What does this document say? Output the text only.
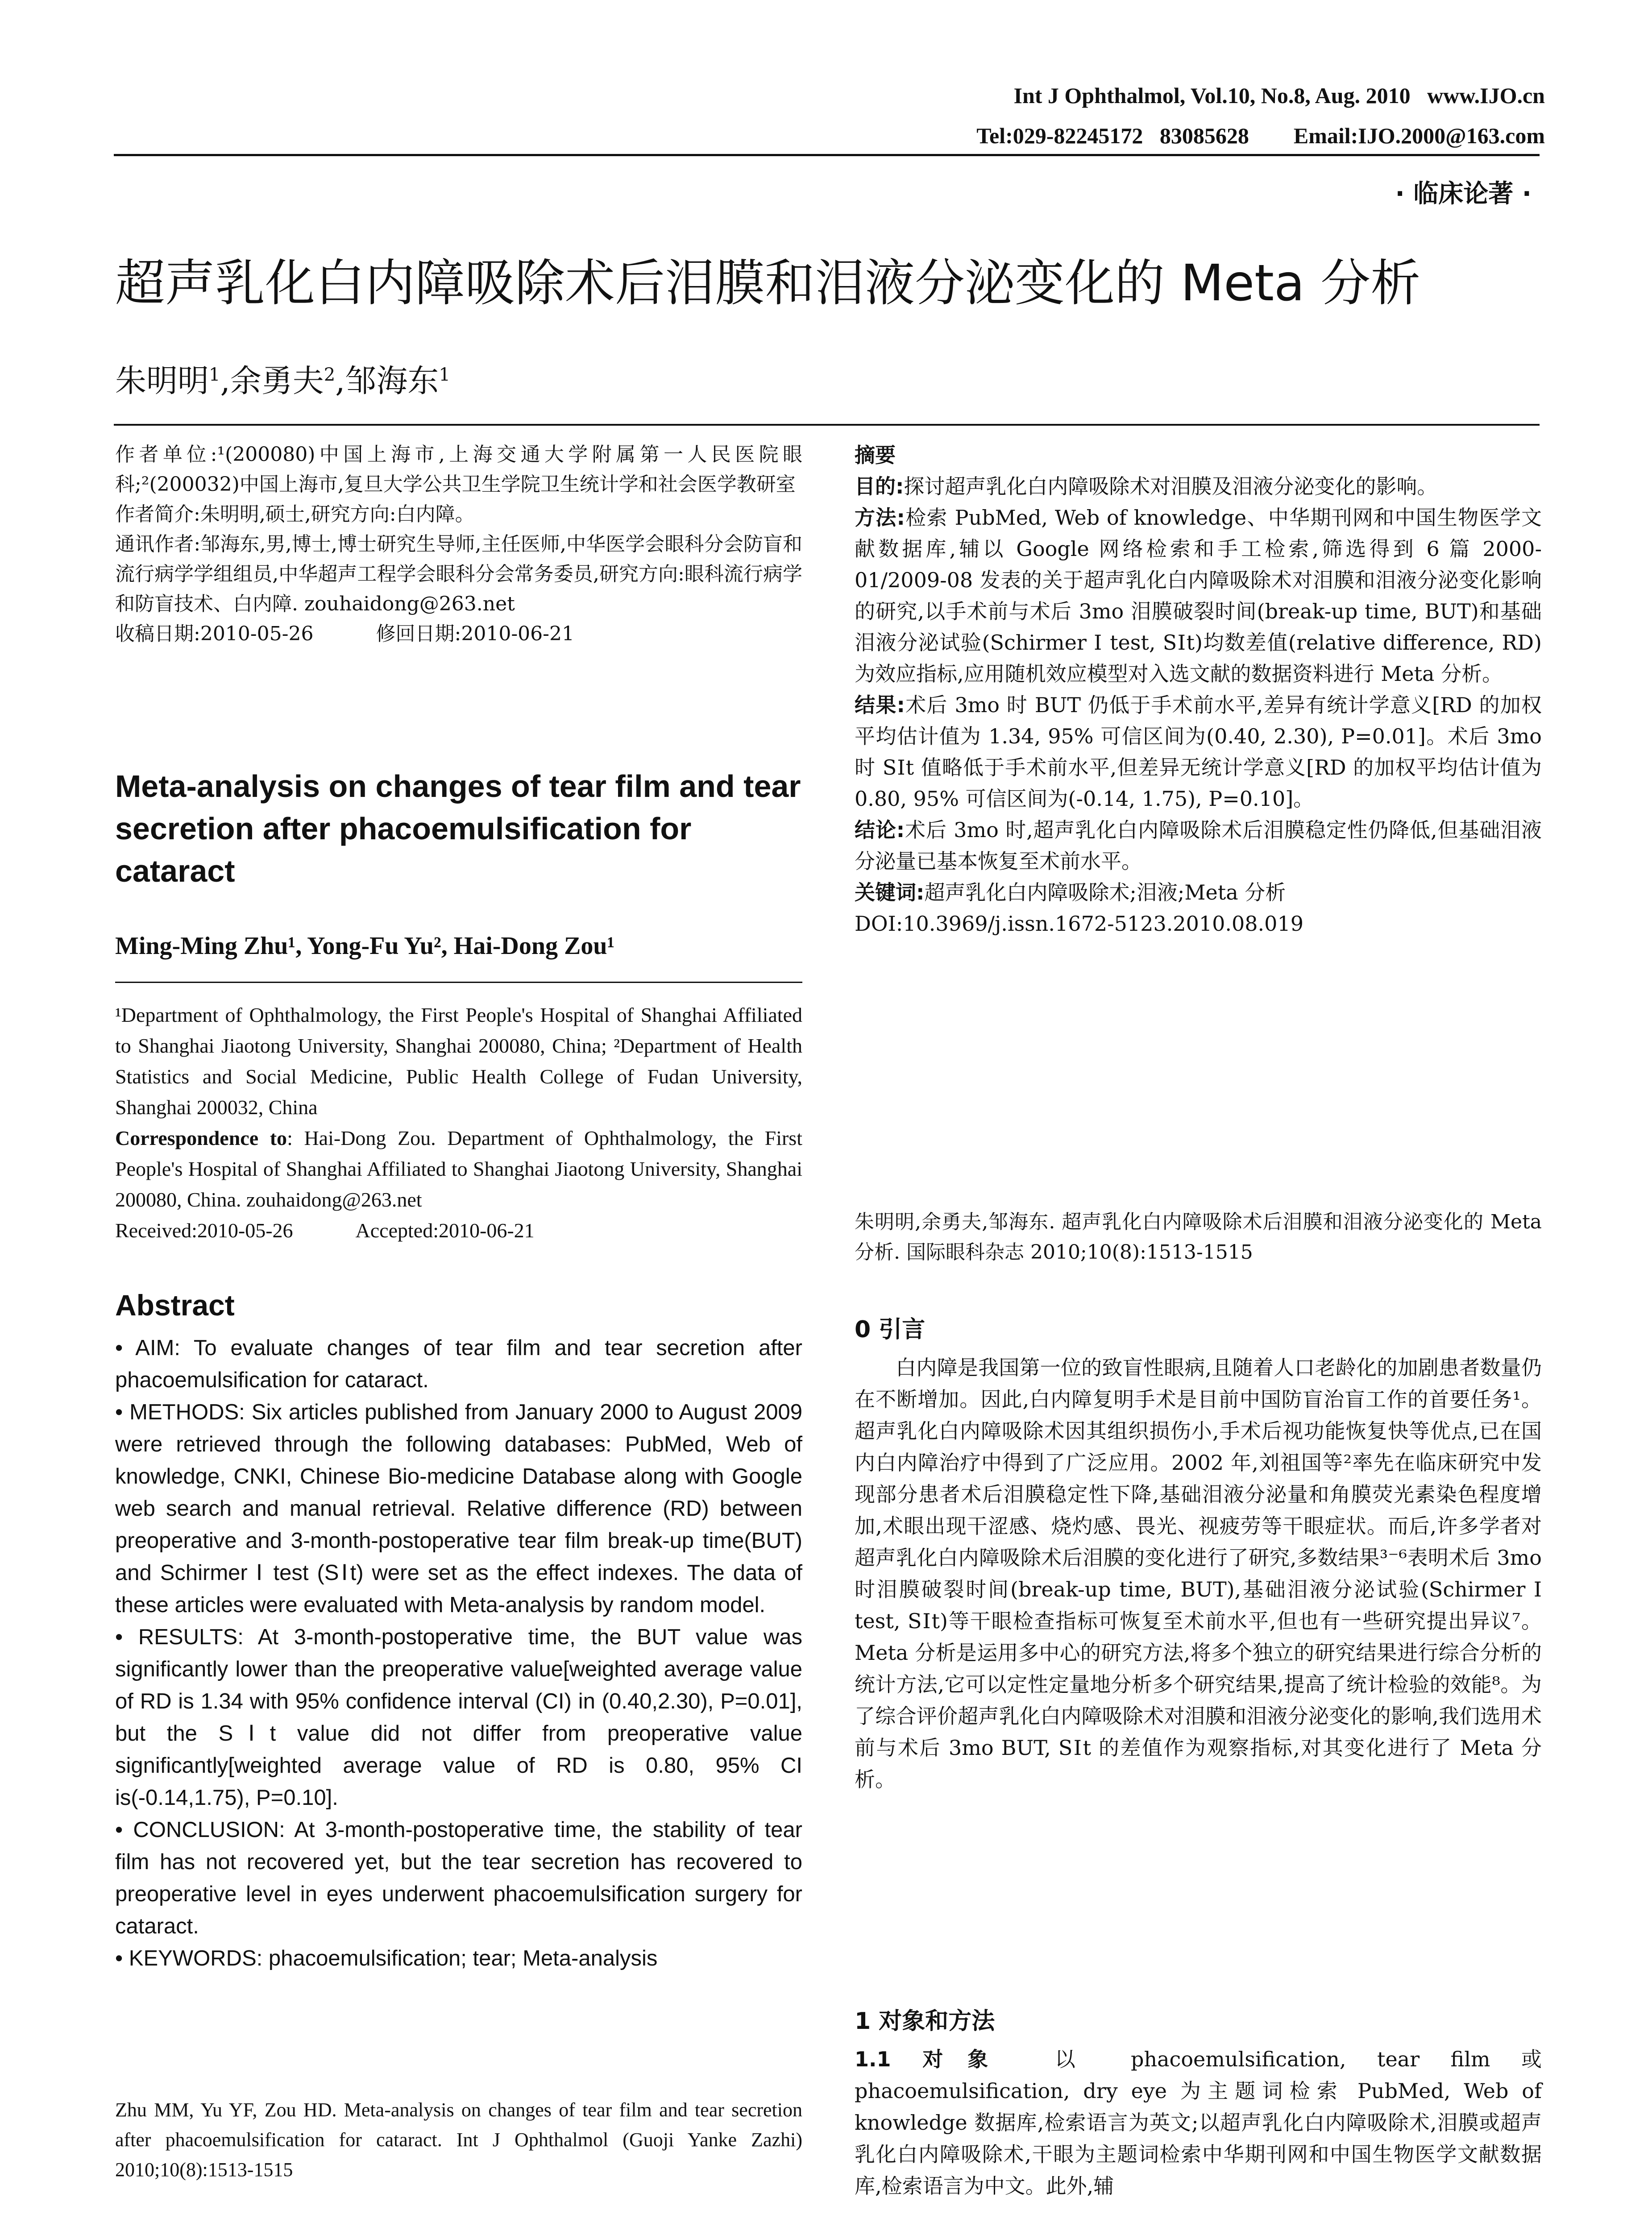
Int J Ophthalmol, Vol.10, No.8, Aug. 2010   www.IJO.cn
Tel:029-82245172   83085628        Email:IJO.2000@163.com
· 临床论著 ·
超声乳化白内障吸除术后泪膜和泪液分泌变化的 Meta 分析
朱明明$^1$,余勇夫$^2$,邹海东$^1$

作者单位:¹(200080)中国上海市,上海交通大学附属第一人民医院眼科;²(200032)中国上海市,复旦大学公共卫生学院卫生统计学和社会医学教研室

作者简介:朱明明,硕士,研究方向:白内障。

通讯作者:邹海东,男,博士,博士研究生导师,主任医师,中华医学会眼科分会防盲和流行病学学组组员,中华超声工程学会眼科分会常务委员,研究方向:眼科流行病学和防盲技术、白内障. zouhaidong@263.net

收稿日期:2010-05-26	修回日期:2010-06-21

Meta-analysis on changes of tear film and tear secretion after phacoemulsification for cataract
Ming-Ming Zhu¹, Yong-Fu Yu², Hai-Dong Zou¹

¹Department of Ophthalmology, the First People's Hospital of Shanghai Affiliated to Shanghai Jiaotong University, Shanghai 200080, China; ²Department of Health Statistics and Social Medicine, Public Health College of Fudan University, Shanghai 200032, China

Correspondence to: Hai-Dong Zou. Department of Ophthalmology, the First People's Hospital of Shanghai Affiliated to Shanghai Jiaotong University, Shanghai 200080, China. zouhaidong@263.net

Received:2010-05-26	Accepted:2010-06-21

Abstract

• AIM: To evaluate changes of tear film and tear secretion after phacoemulsification for cataract.

• METHODS: Six articles published from January 2000 to August 2009 were retrieved through the following databases: PubMed, Web of knowledge, CNKI, Chinese Bio-medicine Database along with Google web search and manual retrieval. Relative difference (RD) between preoperative and 3-month-postoperative tear film break-up time(BUT) and Schirmer Ⅰ test (SⅠt) were set as the effect indexes. The data of these articles were evaluated with Meta-analysis by random model.

• RESULTS: At 3-month-postoperative time, the BUT value was significantly lower than the preoperative value[weighted average value of RD is 1.34 with 95% confidence interval (CI) in (0.40,2.30), P=0.01], but the SⅠt value did not differ from preoperative value significantly[weighted average value of RD is 0.80, 95% CI is(-0.14,1.75), P=0.10].

• CONCLUSION: At 3-month-postoperative time, the stability of tear film has not recovered yet, but the tear secretion has recovered to preoperative level in eyes underwent phacoemulsification surgery for cataract.

• KEYWORDS: phacoemulsification; tear; Meta-analysis

Zhu MM, Yu YF, Zou HD. Meta-analysis on changes of tear film and tear secretion after phacoemulsification for cataract. Int J Ophthalmol (Guoji Yanke Zazhi) 2010;10(8):1513-1515

摘要

目的:探讨超声乳化白内障吸除术对泪膜及泪液分泌变化的影响。

方法:检索 PubMed, Web of knowledge、中华期刊网和中国生物医学文献数据库,辅以 Google 网络检索和手工检索,筛选得到 6 篇 2000-01/2009-08 发表的关于超声乳化白内障吸除术对泪膜和泪液分泌变化影响的研究,以手术前与术后 3mo 泪膜破裂时间(break-up time, BUT)和基础泪液分泌试验(Schirmer Ⅰ test, SⅠt)均数差值(relative difference, RD)为效应指标,应用随机效应模型对入选文献的数据资料进行 Meta 分析。

结果:术后 3mo 时 BUT 仍低于手术前水平,差异有统计学意义[RD 的加权平均估计值为 1.34, 95% 可信区间为(0.40, 2.30), P=0.01]。术后 3mo 时 SⅠt 值略低于手术前水平,但差异无统计学意义[RD 的加权平均估计值为 0.80, 95% 可信区间为(-0.14, 1.75), P=0.10]。

结论:术后 3mo 时,超声乳化白内障吸除术后泪膜稳定性仍降低,但基础泪液分泌量已基本恢复至术前水平。

关键词:超声乳化白内障吸除术;泪液;Meta 分析

DOI:10.3969/j.issn.1672-5123.2010.08.019

朱明明,余勇夫,邹海东. 超声乳化白内障吸除术后泪膜和泪液分泌变化的 Meta 分析. 国际眼科杂志 2010;10(8):1513-1515
0 引言
白内障是我国第一位的致盲性眼病,且随着人口老龄化的加剧患者数量仍在不断增加。因此,白内障复明手术是目前中国防盲治盲工作的首要任务¹。超声乳化白内障吸除术因其组织损伤小,手术后视功能恢复快等优点,已在国内白内障治疗中得到了广泛应用。2002 年,刘祖国等²率先在临床研究中发现部分患者术后泪膜稳定性下降,基础泪液分泌量和角膜荧光素染色程度增加,术眼出现干涩感、烧灼感、畏光、视疲劳等干眼症状。而后,许多学者对超声乳化白内障吸除术后泪膜的变化进行了研究,多数结果³⁻⁶表明术后 3mo 时泪膜破裂时间(break-up time, BUT),基础泪液分泌试验(Schirmer Ⅰ test, SⅠt)等干眼检查指标可恢复至术前水平,但也有一些研究提出异议⁷。Meta 分析是运用多中心的研究方法,将多个独立的研究结果进行综合分析的统计方法,它可以定性定量地分析多个研究结果,提高了统计检验的效能⁸。为了综合评价超声乳化白内障吸除术对泪膜和泪液分泌变化的影响,我们选用术前与术后 3mo BUT, SⅠt 的差值作为观察指标,对其变化进行了 Meta 分析。
1 对象和方法
1.1 对象 以 phacoemulsification, tear film 或 phacoemulsification, dry eye 为主题词检索 PubMed, Web of knowledge 数据库,检索语言为英文;以超声乳化白内障吸除术,泪膜或超声乳化白内障吸除术,干眼为主题词检索中华期刊网和中国生物医学文献数据库,检索语言为中文。此外,辅
